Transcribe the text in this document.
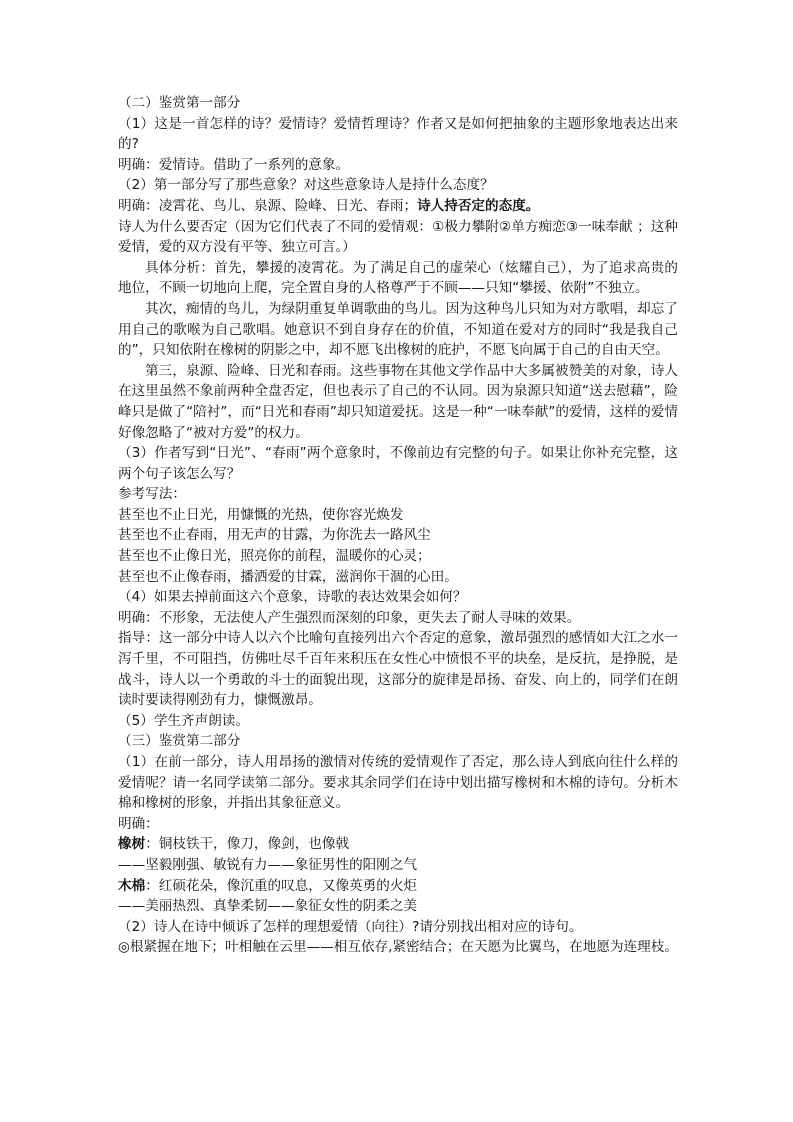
（二）鉴赏第一部分
（1）这是一首怎样的诗？爱情诗？爱情哲理诗？作者又是如何把抽象的主题形象地表达出来的?
明确：爱情诗。借助了一系列的意象。
（2）第一部分写了那些意象？对这些意象诗人是持什么态度？
明确：凌霄花、鸟儿、泉源、险峰、日光、春雨；诗人持否定的态度。
诗人为什么要否定（因为它们代表了不同的爱情观：①极力攀附②单方痴恋③一味奉献 ；这种爱情，爱的双方没有平等、独立可言。）
具体分析：首先，攀援的凌霄花。为了满足自己的虚荣心（炫耀自己），为了追求高贵的地位，不顾一切地向上爬，完全置自身的人格尊严于不顾——只知“攀援、依附”不独立。
其次，痴情的鸟儿，为绿阴重复单调歌曲的鸟儿。因为这种鸟儿只知为对方歌唱，却忘了用自己的歌喉为自己歌唱。她意识不到自身存在的价值，不知道在爱对方的同时“我是我自己的”，只知依附在橡树的阴影之中，却不愿飞出橡树的庇护，不愿飞向属于自己的自由天空。
第三，泉源、险峰、日光和春雨。这些事物在其他文学作品中大多属被赞美的对象，诗人在这里虽然不象前两种全盘否定，但也表示了自己的不认同。因为泉源只知道“送去慰藉”，险峰只是做了“陪衬”，而“日光和春雨”却只知道爱抚。这是一种“一味奉献”的爱情，这样的爱情好像忽略了“被对方爱”的权力。
（3）作者写到“日光”、“春雨”两个意象时，不像前边有完整的句子。如果让你补充完整，这两个句子该怎么写？
参考写法：
甚至也不止日光，用慷慨的光热，使你容光焕发
甚至也不止春雨，用无声的甘露，为你洗去一路风尘
甚至也不止像日光，照亮你的前程，温暖你的心灵；
甚至也不止像春雨，播洒爱的甘霖，滋润你干涸的心田。
（4）如果去掉前面这六个意象，诗歌的表达效果会如何？
明确：不形象，无法使人产生强烈而深刻的印象，更失去了耐人寻味的效果。
指导：这一部分中诗人以六个比喻句直接列出六个否定的意象，激昂强烈的感情如大江之水一泻千里，不可阻挡，仿佛吐尽千百年来积压在女性心中愤恨不平的块垒，是反抗，是挣脱，是战斗，诗人以一个勇敢的斗士的面貌出现，这部分的旋律是昂扬、奋发、向上的，同学们在朗读时要读得刚劲有力，慷慨激昂。
（5）学生齐声朗读。
（三）鉴赏第二部分
（1）在前一部分，诗人用昂扬的激情对传统的爱情观作了否定，那么诗人到底向往什么样的爱情呢？请一名同学读第二部分。要求其余同学们在诗中划出描写橡树和木棉的诗句。分析木棉和橡树的形象，并指出其象征意义。
明确：
橡树：铜枝铁干，像刀，像剑，也像戟
——坚毅刚强、敏锐有力——象征男性的阳刚之气
木棉：红硕花朵，像沉重的叹息，又像英勇的火炬
——美丽热烈、真挚柔韧——象征女性的阴柔之美
（2）诗人在诗中倾诉了怎样的理想爱情（向往）?请分别找出相对应的诗句。
◎根紧握在地下；叶相触在云里——相互依存,紧密结合；在天愿为比翼鸟，在地愿为连理枝。
